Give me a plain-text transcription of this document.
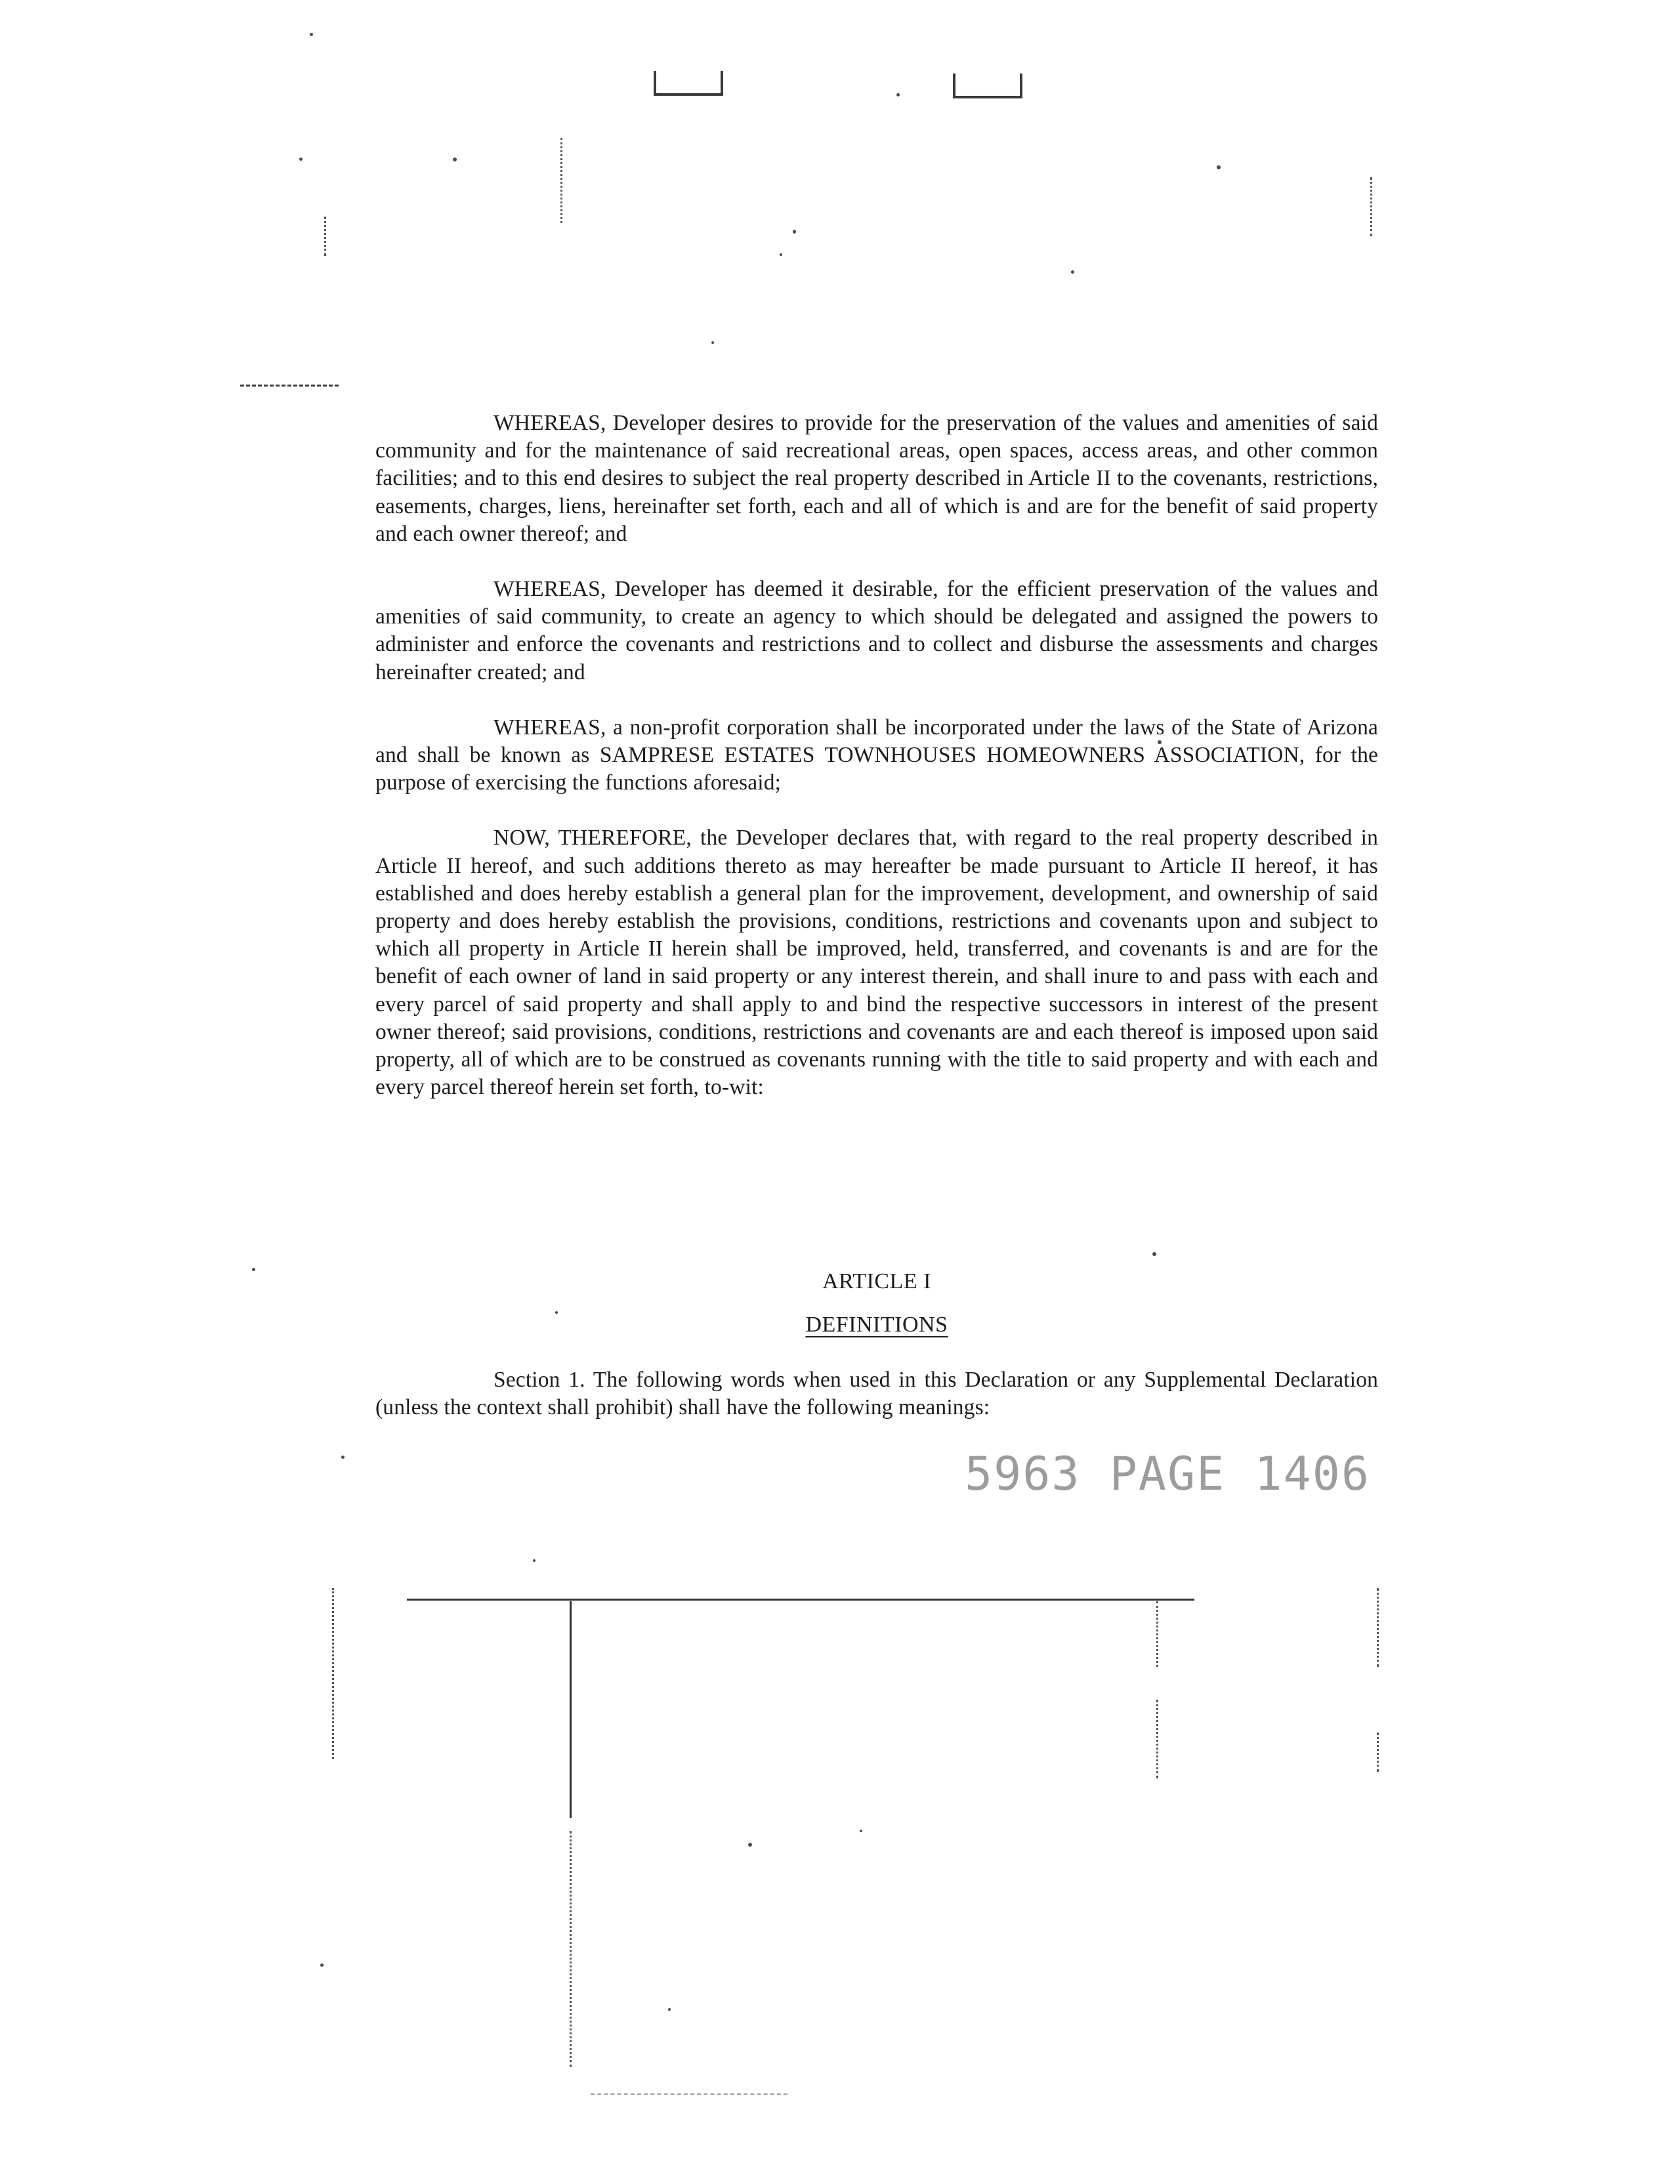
WHEREAS, Developer desires to provide for the preservation of the values and amenities of said community and for the maintenance of said recreational areas, open spaces, access areas, and other common facilities; and to this end desires to subject the real property described in Article II to the covenants, restrictions, easements, charges, liens, hereinafter set forth, each and all of which is and are for the benefit of said property and each owner thereof; and

WHEREAS, Developer has deemed it desirable, for the efficient preservation of the values and amenities of said community, to create an agency to which should be delegated and assigned the powers to administer and enforce the covenants and restrictions and to collect and disburse the assessments and charges hereinafter created; and

WHEREAS, a non-profit corporation shall be incorporated under the laws of the State of Arizona and shall be known as SAMPRESE ESTATES TOWNHOUSES HOMEOWNERS ASSOCIATION, for the purpose of exercising the functions aforesaid;

NOW, THEREFORE, the Developer declares that, with regard to the real property described in Article II hereof, and such additions thereto as may hereafter be made pursuant to Article II hereof, it has established and does hereby establish a general plan for the improvement, development, and ownership of said property and does hereby establish the provisions, conditions, restrictions and covenants upon and subject to which all property in Article II herein shall be improved, held, transferred, and covenants is and are for the benefit of each owner of land in said property or any interest therein, and shall inure to and pass with each and every parcel of said property and shall apply to and bind the respective successors in interest of the present owner thereof; said provisions, conditions, restrictions and covenants are and each thereof is imposed upon said property, all of which are to be construed as covenants running with the title to said property and with each and every parcel thereof herein set forth, to-wit:

ARTICLE I
DEFINITIONS

Section 1. The following words when used in this Declaration or any Supplemental Declaration (unless the context shall prohibit) shall have the following meanings:

5963 PAGE 1406
